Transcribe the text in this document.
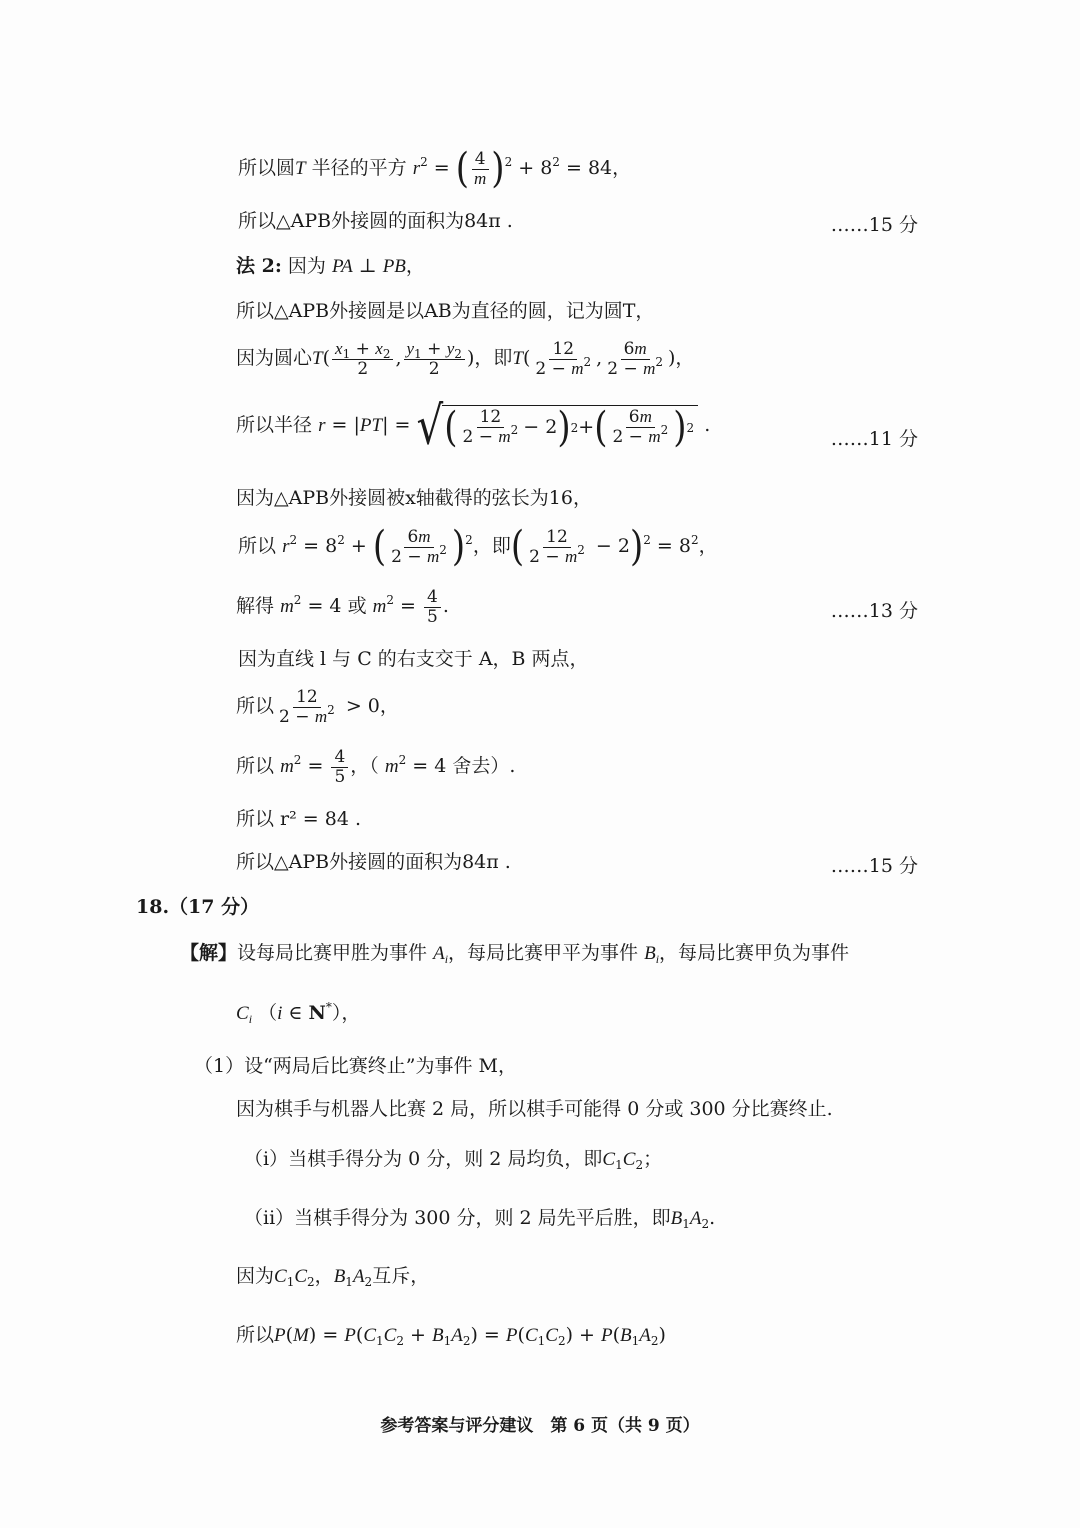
所以圆T 半径的平方 $r^2$ = ( $\frac{4}{m} )^2 + 8^2 = 84$，
所以△APB外接圆的面积为84π .	……15 分
法 2: 因为 PA ⊥ PB，
所以△APB外接圆是以AB为直径的圆，记为圆T，
因为圆心$T( \frac{x_1 + x_2}{2}$ , $\frac{y_1 + y_2}{2}$ )，即$T( \frac{12}{2 - m^2}$ , $\frac{6m}{2 - m^2}$ )，
所以半径 r = |PT| = √ ( $\frac{12}{2 - m^2} - 2$ ) 2 + ( $\frac{6m}{2 - m^2}$ ) 2 .
……11 分
因为△APB外接圆被x轴截得的弦长为16，
所以 $r^2 = 8^2$ + ( $\frac{6m}{2 - m^2} )^2$，即( $\frac{12}{2 - m^2} - 2)^2 = 8^2$，
解得 $m^2 = 4$ 或 $m^2 = \frac{4}{5}$ .	……13 分
因为直线 l 与 C 的右支交于 A，B 两点，
所以 $\frac{12}{2 - m^2} > 0$，
所以 $m^2 = \frac{4}{5}$ ，（ $m^2 = 4$ 舍去）.
所以 r² = 84 .
所以△APB外接圆的面积为84π .	……15 分
18.（17 分）
【解】设每局比赛甲胜为事件 $A_i$，每局比赛甲平为事件 $B_i$，每局比赛甲负为事件
$C_i$ （i ∈ N*），
（1）设“两局后比赛终止”为事件 M，
因为棋手与机器人比赛 2 局，所以棋手可能得 0 分或 300 分比赛终止.
（i）当棋手得分为 0 分，则 2 局均负，即$C_1C_2$；
（ii）当棋手得分为 300 分，则 2 局先平后胜，即$B_1A_2$.
因为$C_1C_2$，$B_1A_2$互斥，
所以$P(M) = P(C_1C_2 + B_1A_2) = P(C_1C_2) + P(B_1A_2)$
参考答案与评分建议　第 6 页（共 9 页）
